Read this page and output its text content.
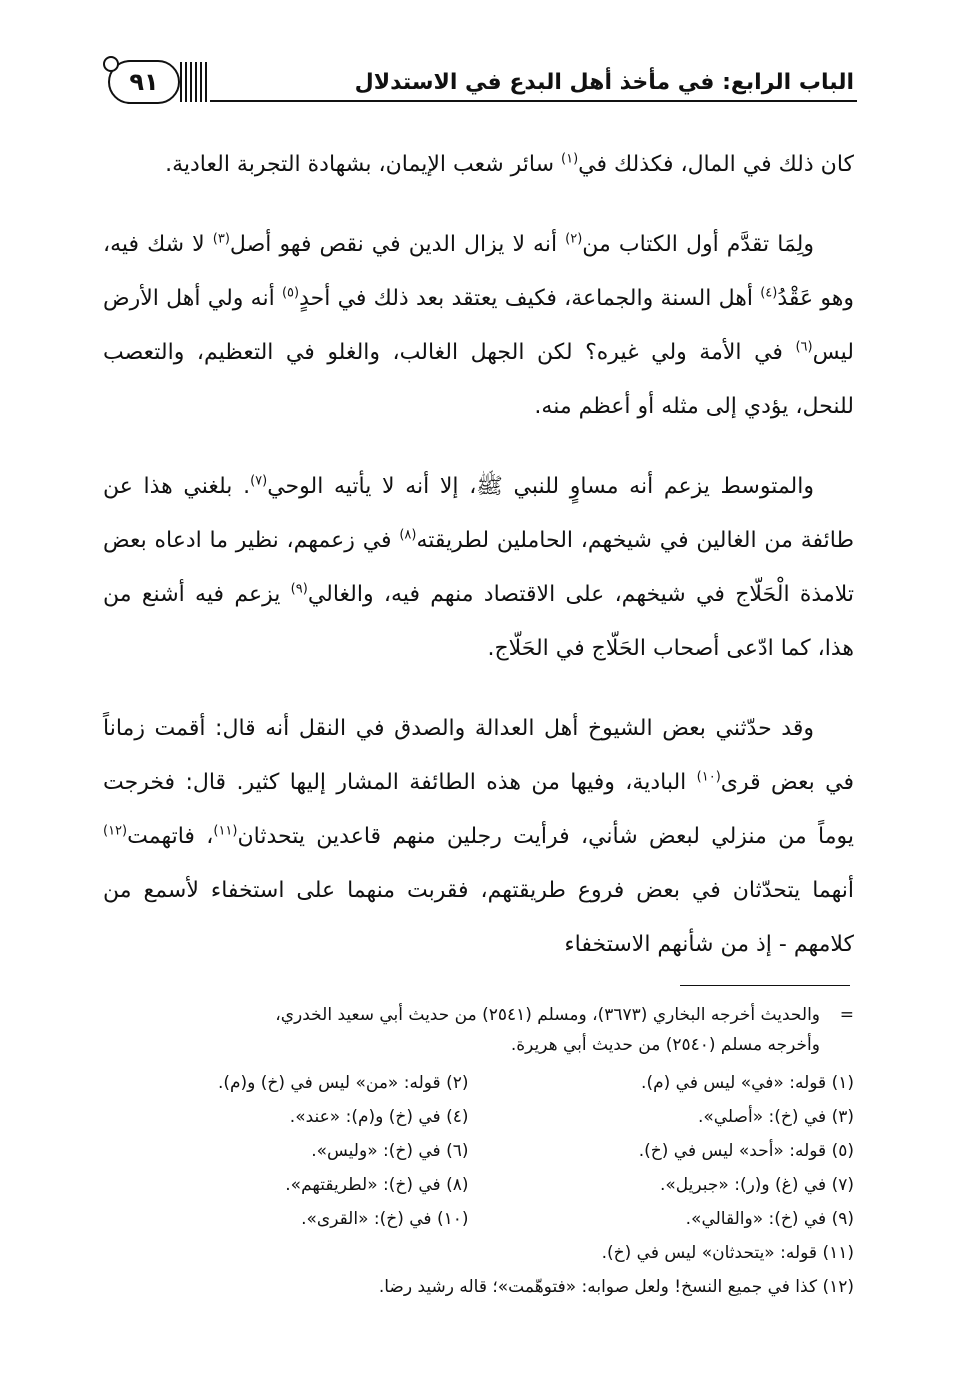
الباب الرابع: في مأخذ أهل البدع في الاستدلال
٩١

كان ذلك في المال، فكذلك في$^{(١)}$ سائر شعب الإيمان، بشهادة التجربة العادية.

ولِمَا تقدَّم أول الكتاب من$^{(٢)}$ أنه لا يزال الدين في نقص فهو أصل$^{(٣)}$ لا شك فيه، وهو عَقْدُ$^{(٤)}$ أهل السنة والجماعة، فكيف يعتقد بعد ذلك في أحدٍ$^{(٥)}$ أنه ولي أهل الأرض ليس$^{(٦)}$ في الأمة ولي غيره؟ لكن الجهل الغالب، والغلو في التعظيم، والتعصب للنحل، يؤدي إلى مثله أو أعظم منه.

والمتوسط يزعم أنه مساوٍ للنبي ﷺ، إلا أنه لا يأتيه الوحي$^{(٧)}$. بلغني هذا عن طائفة من الغالين في شيخهم، الحاملين لطريقته$^{(٨)}$ في زعمهم، نظير ما ادعاه بعض تلامذة الْحَلّاج في شيخهم، على الاقتصاد منهم فيه، والغالي$^{(٩)}$ يزعم فيه أشنع من هذا، كما ادّعى أصحاب الحَلّاج في الحَلّاج.

وقد حدّثني بعض الشيوخ أهل العدالة والصدق في النقل أنه قال: أقمت زماناً في بعض قرى$^{(١٠)}$ البادية، وفيها من هذه الطائفة المشار إليها كثير. قال: فخرجت يوماً من منزلي لبعض شأني، فرأيت رجلين منهم قاعدين يتحدثان$^{(١١)}$، فاتهمت$^{(١٢)}$ أنهما يتحدّثان في بعض فروع طريقتهم، فقربت منهما على استخفاء لأسمع من كلامهم - إذ من شأنهم الاستخفاء

=
والحديث أخرجه البخاري (٣٦٧٣)، ومسلم (٢٥٤١) من حديث أبي سعيد الخدري،
وأخرجه مسلم (٢٥٤٠) من حديث أبي هريرة.
(١) قوله: «في» ليس في (م).
(٢) قوله: «من» ليس في (خ) و(م).
(٣) في (خ): «أصلي».
(٤) في (خ) و(م): «عند».
(٥) قوله: «أحد» ليس في (خ).
(٦) في (خ): «وليس».
(٧) في (غ) و(ر): «جبريل».
(٨) في (خ): «لطريقتهم».
(٩) في (خ): «والقالي».
(١٠) في (خ): «القرى».
(١١) قوله: «يتحدثان» ليس في (خ).
(١٢) كذا في جميع النسخ! ولعل صوابه: «فتوهّمت»؛ قاله رشيد رضا.
